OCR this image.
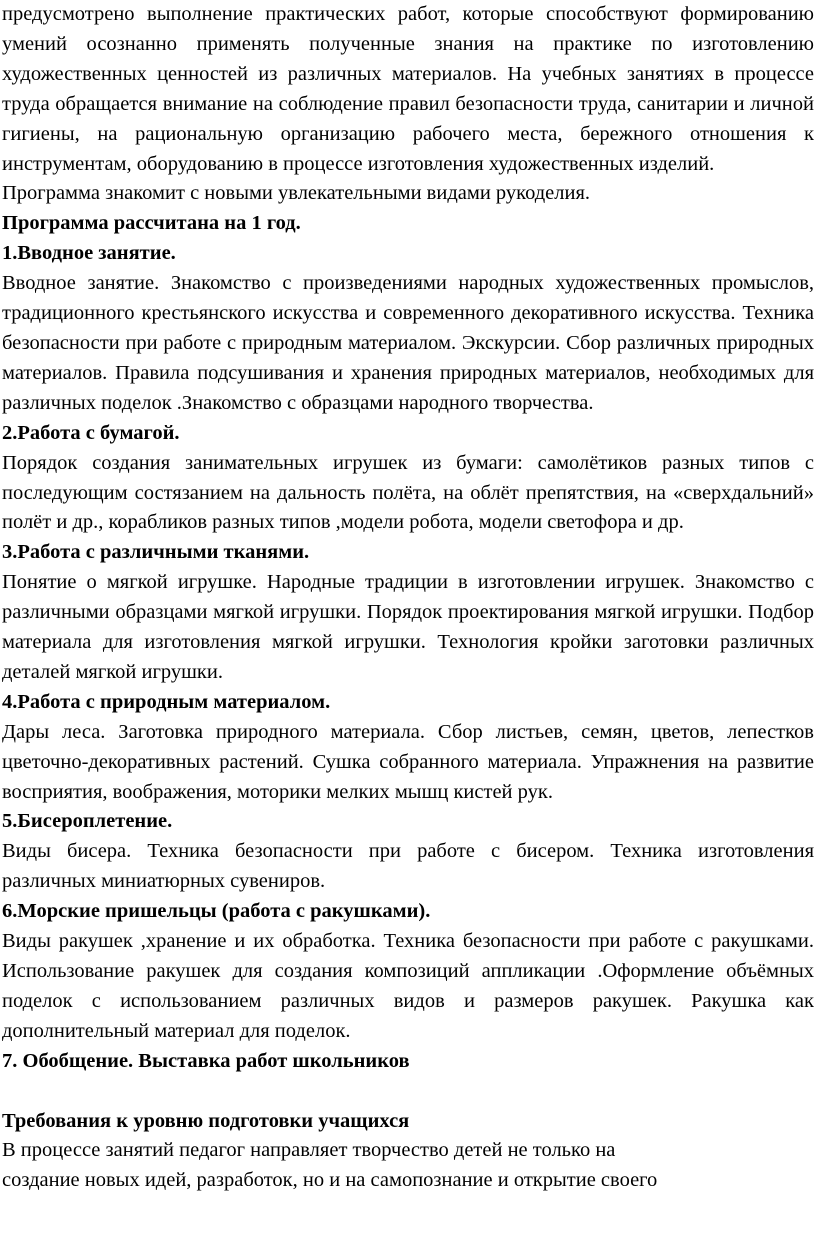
предусмотрено выполнение практических работ, которые способствуют формированию умений осознанно применять полученные знания на практике по изготовлению художественных ценностей из различных материалов. На учебных занятиях в процессе труда обращается внимание на соблюдение правил безопасности труда, санитарии и личной гигиены, на рациональную организацию рабочего места, бережного отношения к инструментам, оборудованию в процессе изготовления художественных изделий.

Программа знакомит с новыми увлекательными видами рукоделия.

Программа рассчитана на 1 год.

1.Вводное занятие.

Вводное занятие. Знакомство с произведениями народных художественных промыслов, традиционного крестьянского искусства и современного декоративного искусства. Техника безопасности при работе с природным материалом. Экскурсии. Сбор различных природных материалов. Правила подсушивания и хранения природных материалов, необходимых для различных поделок .Знакомство с образцами народного творчества.

2.Работа с бумагой.

Порядок создания занимательных игрушек из бумаги: самолётиков разных типов с последующим состязанием на дальность полёта, на облёт препятствия, на «сверхдальний» полёт и др., корабликов разных типов ,модели робота, модели светофора и др.

3.Работа с различными тканями.

Понятие о мягкой игрушке. Народные традиции в изготовлении игрушек. Знакомство с различными образцами мягкой игрушки. Порядок проектирования мягкой игрушки. Подбор материала для изготовления мягкой игрушки. Технология кройки заготовки различных деталей мягкой игрушки.

4.Работа с природным материалом.

Дары леса. Заготовка природного материала. Сбор листьев, семян, цветов, лепестков цветочно-декоративных растений. Сушка собранного материала. Упражнения на развитие восприятия, воображения, моторики мелких мышц кистей рук.

5.Бисероплетение.

Виды бисера. Техника безопасности при работе с бисером. Техника изготовления различных миниатюрных сувениров.

6.Морские пришельцы (работа с ракушками).

Виды ракушек ,хранение и их обработка. Техника безопасности при работе с ракушками. Использование ракушек для создания композиций аппликации .Оформление объёмных поделок с использованием различных видов и размеров ракушек. Ракушка как дополнительный материал для поделок.

7. Обобщение. Выставка работ школьников

Требования к уровню подготовки учащихся

В процессе занятий педагог направляет творчество детей не только на

создание новых идей, разработок, но и на самопознание и открытие своего
